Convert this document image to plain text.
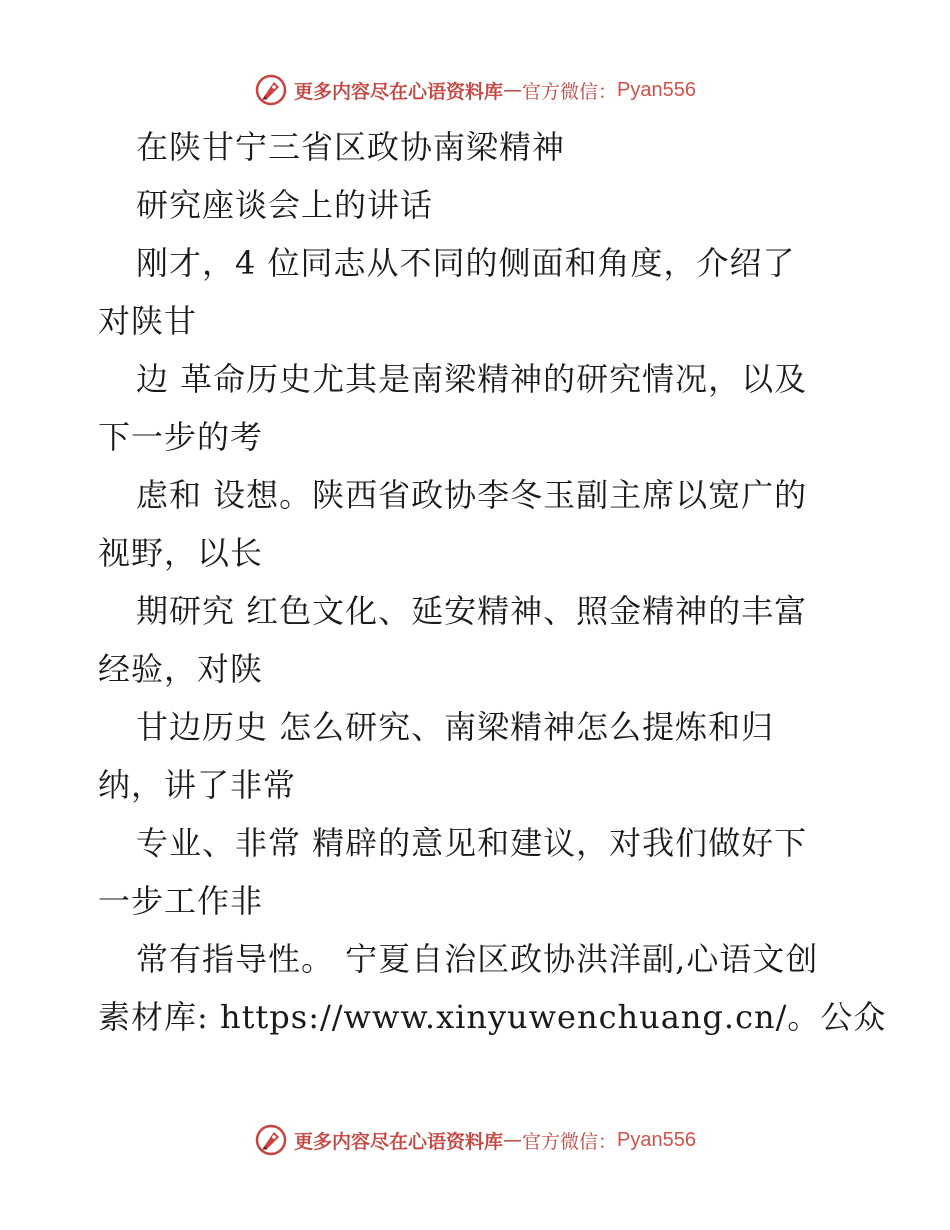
更多内容尽在心语资料库 — 官方微信： Pyan556
在陕甘宁三省区政协南梁精神
研究座谈会上的讲话
刚才，4 位同志从不同的侧面和角度，介绍了
对陕甘
边 革命历史尤其是南梁精神的研究情况，以及
下一步的考
虑和 设想。陕西省政协李冬玉副主席以宽广的
视野，以长
期研究 红色文化、延安精神、照金精神的丰富
经验，对陕
甘边历史 怎么研究、南梁精神怎么提炼和归
纳，讲了非常
专业、非常 精辟的意见和建议，对我们做好下
一步工作非
常有指导性。 宁夏自治区政协洪洋副,心语文创
素材库: https://www.xinyuwenchuang.cn/。公众
更多内容尽在心语资料库 — 官方微信： Pyan556
